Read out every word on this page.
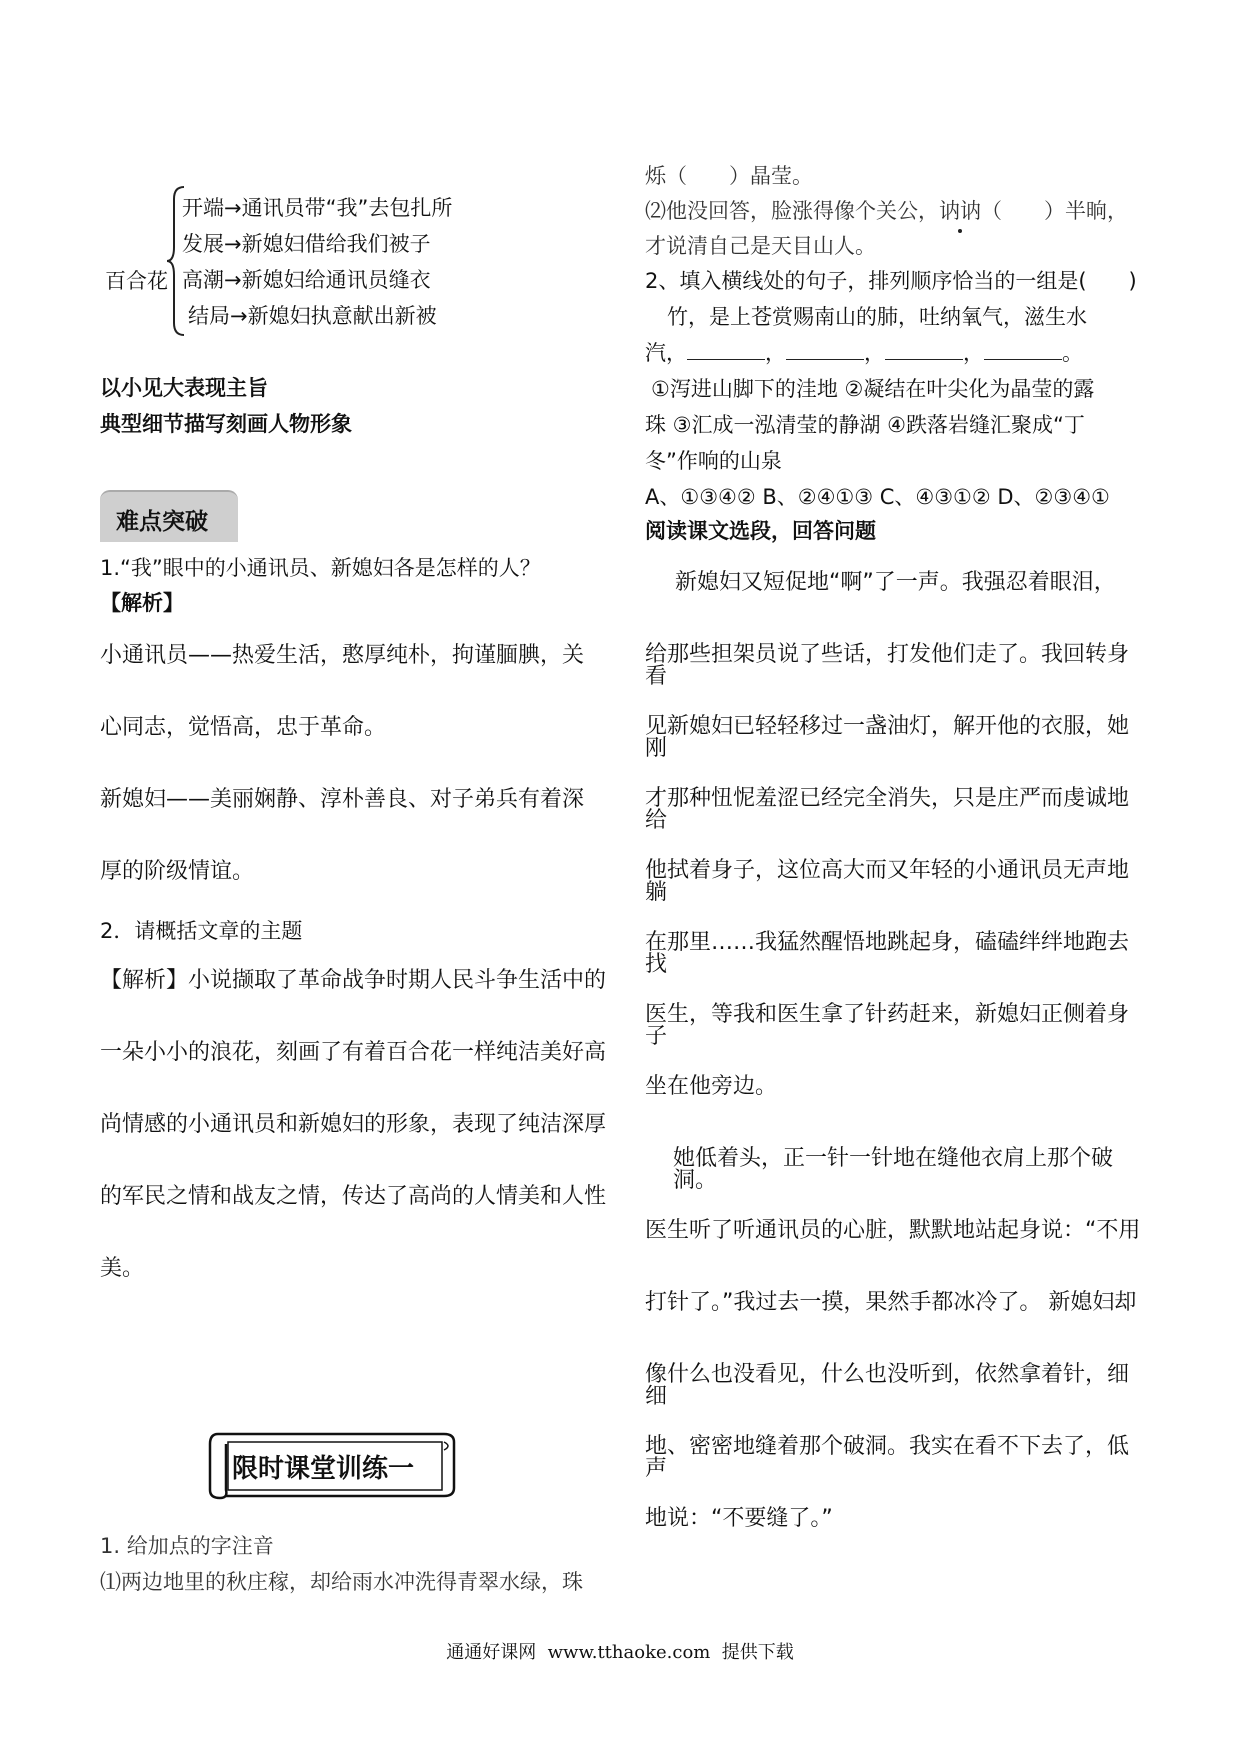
百合花
开端→通讯员带“我”去包扎所
发展→新媳妇借给我们被子
高潮→新媳妇给通讯员缝衣
结局→新媳妇执意献出新被
以小见大表现主旨
典型细节描写刻画人物形象
1.“我”眼中的小通讯员、新媳妇各是怎样的人？
【解析】
小通讯员——热爱生活，憨厚纯朴，拘谨腼腆，关
心同志，觉悟高，忠于革命。
新媳妇——美丽娴静、淳朴善良、对子弟兵有着深
厚的阶级情谊。
2．请概括文章的主题
【解析】小说撷取了革命战争时期人民斗争生活中的
一朵小小的浪花，刻画了有着百合花一样纯洁美好高
尚情感的小通讯员和新媳妇的形象，表现了纯洁深厚
的军民之情和战友之情，传达了高尚的人情美和人性
美。
1. 给加点的字注音
⑴两边地里的秋庄稼，却给雨水冲洗得青翠水绿，珠
难点突破
限时课堂训练一
烁（　　）晶莹。
⑵他没回答，脸涨得像个关公，讷讷（　　）半晌，
才说清自己是天目山人。
2、填入横线处的句子，排列顺序恰当的一组是(　　)
竹，是上苍赏赐南山的肺，吐纳氧气，滋生水
汽，	，	，	，	。
①泻进山脚下的洼地 ②凝结在叶尖化为晶莹的露
珠 ③汇成一泓清莹的静湖 ④跌落岩缝汇聚成“丁
冬”作响的山泉
A、①③④② B、②④①③ C、④③①② D、②③④①
阅读课文选段，回答问题
新媳妇又短促地“啊”了一声。我强忍着眼泪，
给那些担架员说了些话，打发他们走了。我回转身看
见新媳妇已轻轻移过一盏油灯，解开他的衣服，她刚
才那种忸怩羞涩已经完全消失，只是庄严而虔诚地给
他拭着身子，这位高大而又年轻的小通讯员无声地躺
在那里……我猛然醒悟地跳起身，磕磕绊绊地跑去找
医生，等我和医生拿了针药赶来，新媳妇正侧着身子
坐在他旁边。
她低着头，正一针一针地在缝他衣肩上那个破洞。
医生听了听通讯员的心脏，默默地站起身说：“不用
打针了。”我过去一摸，果然手都冰冷了。 新媳妇却
像什么也没看见，什么也没听到，依然拿着针，细细
地、密密地缝着那个破洞。我实在看不下去了，低声
地说：“不要缝了。”
通通好课网  www.tthaoke.com  提供下载
